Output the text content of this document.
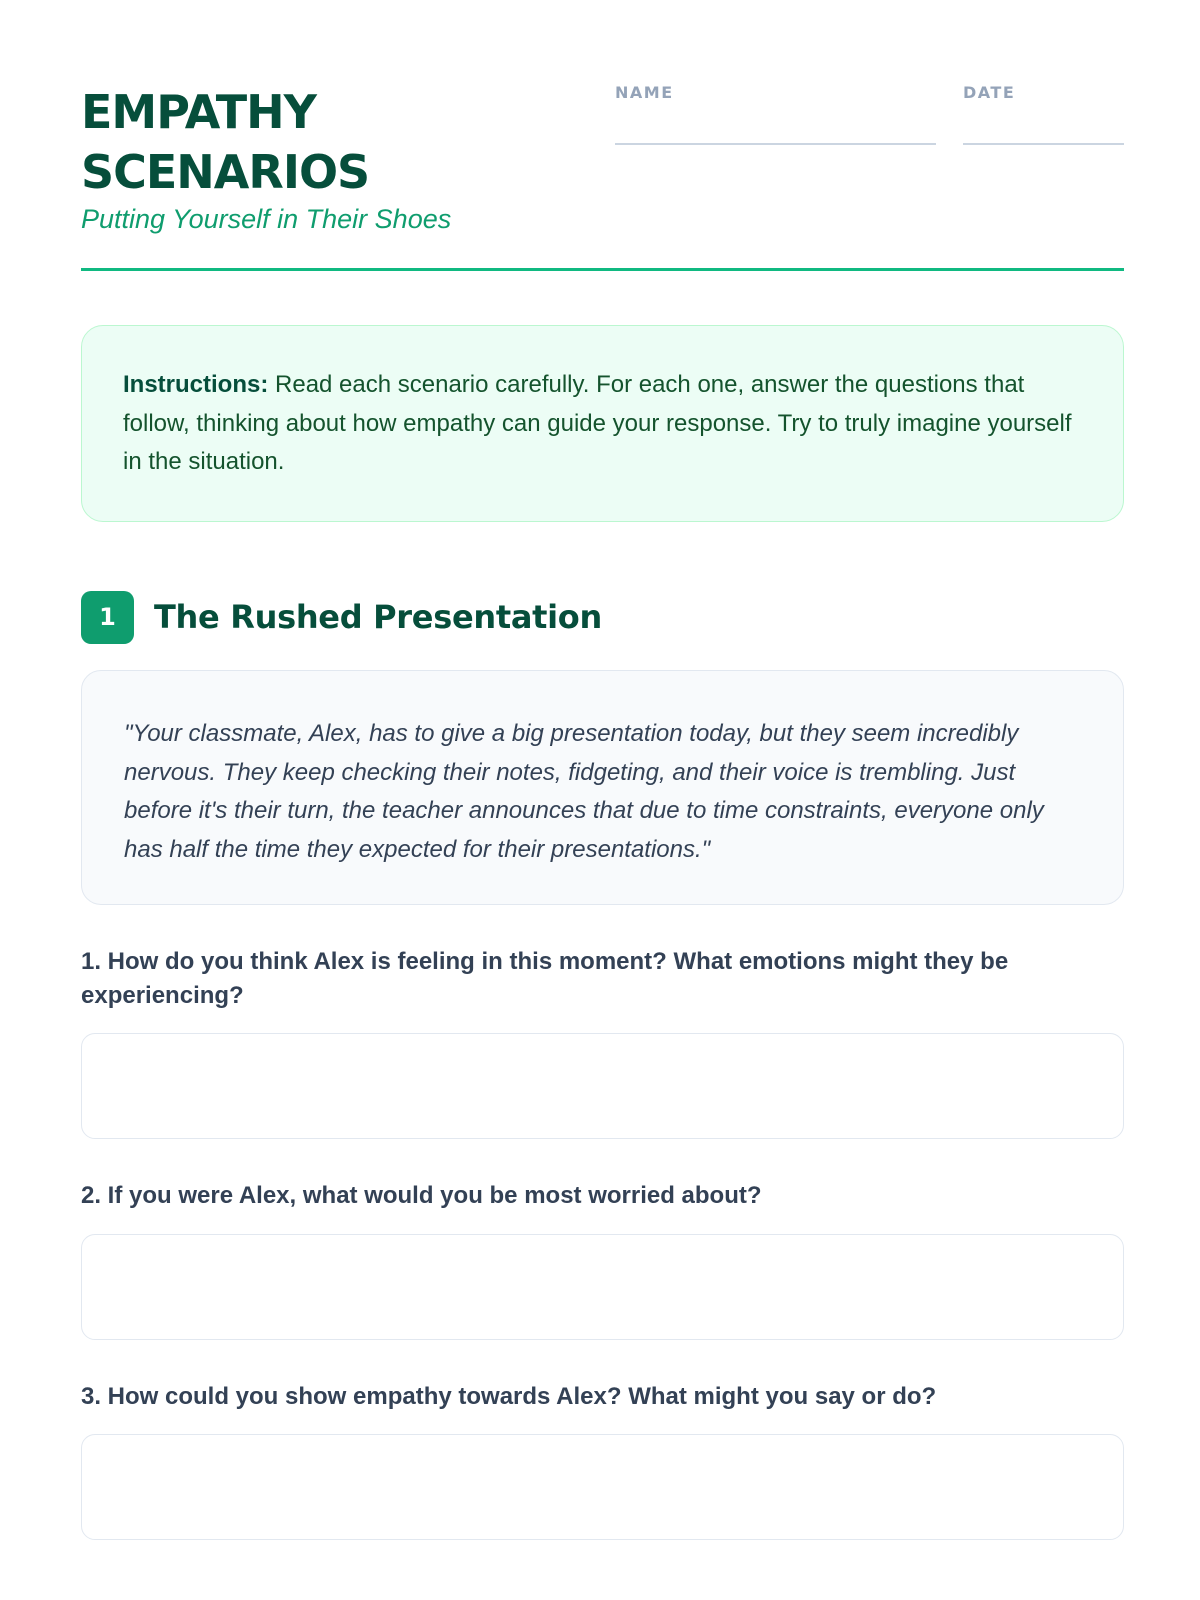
EMPATHY
SCENARIOS
Putting Yourself in Their Shoes
NAME	DATE
Instructions: Read each scenario carefully. For each one, answer the questions that follow, thinking about how empathy can guide your response. Try to truly imagine yourself in the situation.
1	The Rushed Presentation
"Your classmate, Alex, has to give a big presentation today, but they seem incredibly nervous. They keep checking their notes, fidgeting, and their voice is trembling. Just before it's their turn, the teacher announces that due to time constraints, everyone only has half the time they expected for their presentations."
1. How do you think Alex is feeling in this moment? What emotions might they be experiencing?
2. If you were Alex, what would you be most worried about?
3. How could you show empathy towards Alex? What might you say or do?
